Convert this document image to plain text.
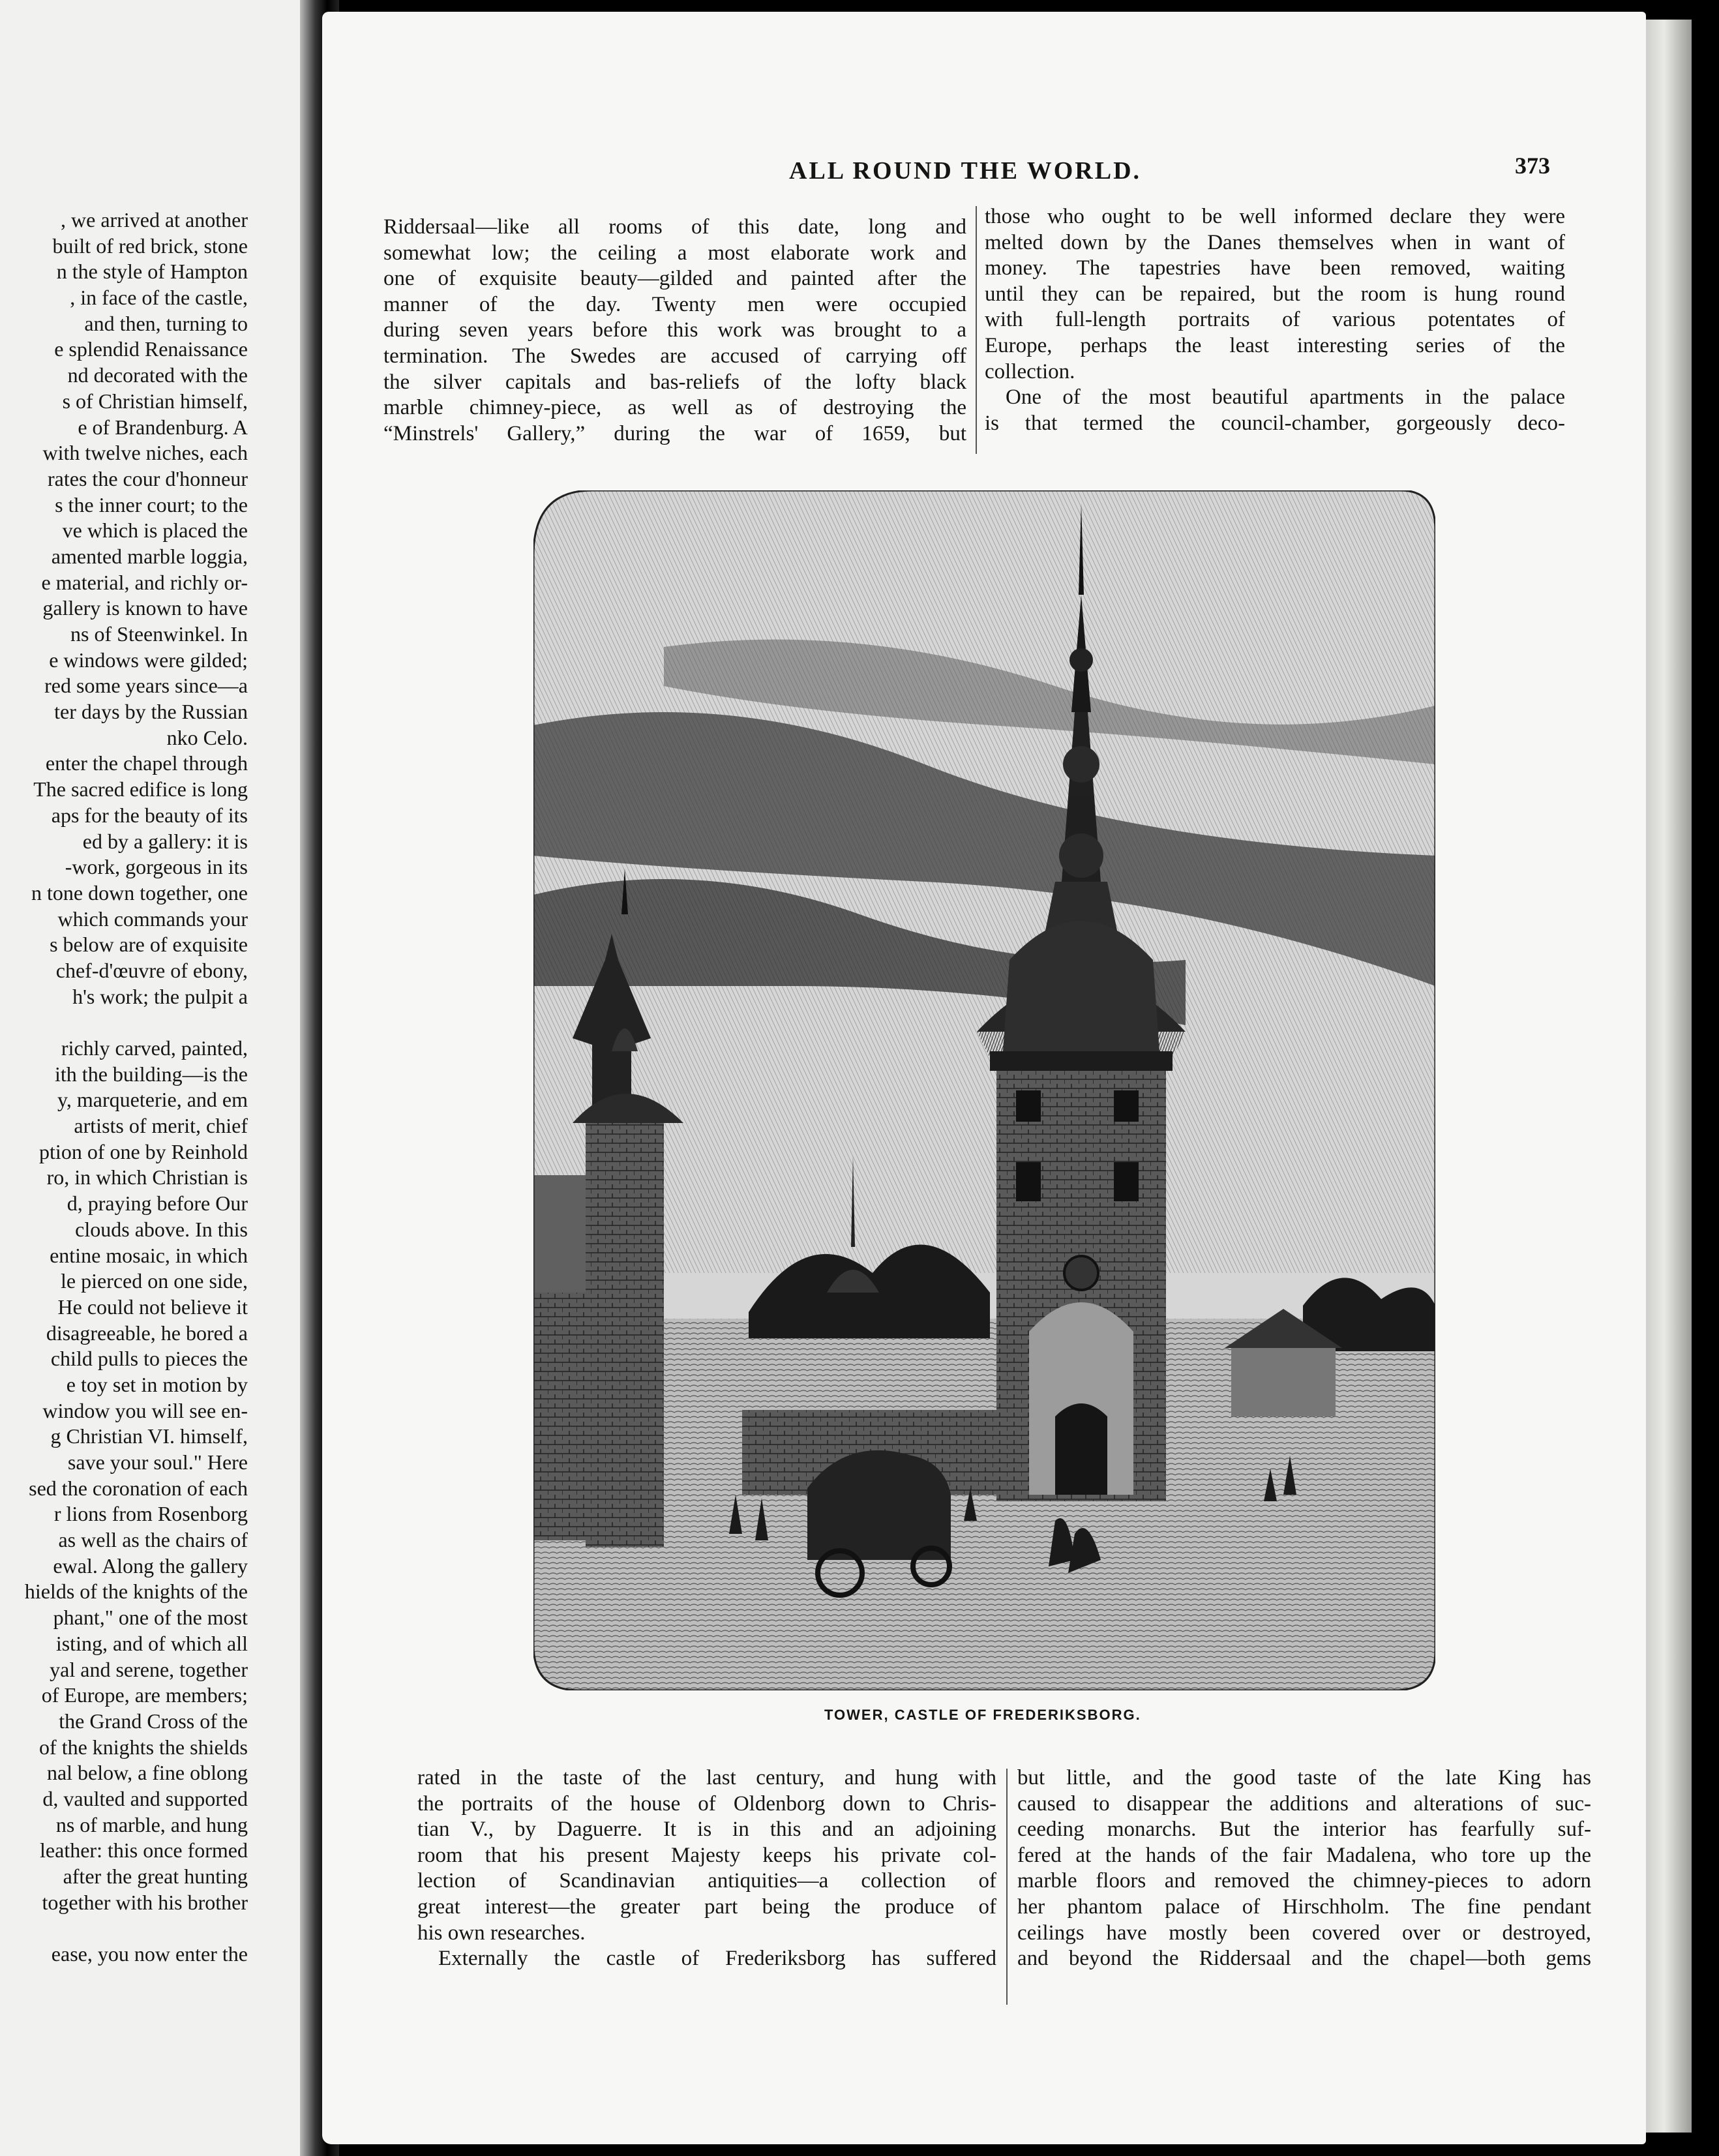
, we arrived at another
built of red brick, stone
n the style of Hampton
, in face of the castle,
and then, turning to
e splendid Renaissance
nd decorated with the
s of Christian himself,
e of Brandenburg. A
with twelve niches, each
rates the cour d'honneur
s the inner court; to the
ve which is placed the
amented marble loggia,
e material, and richly or-
gallery is known to have
ns of Steenwinkel. In
e windows were gilded;
red some years since—a
ter days by the Russian
nko Celo.
enter the chapel through
The sacred edifice is long
aps for the beauty of its
ed by a gallery: it is
-work, gorgeous in its
n tone down together, one
which commands your
s below are of exquisite
chef-d'œuvre of ebony,
h's work; the pulpit a
richly carved, painted,
ith the building—is the
y, marqueterie, and em
artists of merit, chief
ption of one by Reinhold
ro, in which Christian is
d, praying before Our
clouds above. In this
entine mosaic, in which
le pierced on one side,
He could not believe it
disagreeable, he bored a
child pulls to pieces the
e toy set in motion by
window you will see en-
g Christian VI. himself,
save your soul." Here
sed the coronation of each
r lions from Rosenborg
as well as the chairs of
ewal. Along the gallery
hields of the knights of the
phant," one of the most
isting, and of which all
yal and serene, together
of Europe, are members;
the Grand Cross of the
of the knights the shields
nal below, a fine oblong
d, vaulted and supported
ns of marble, and hung
leather: this once formed
after the great hunting
together with his brother
ease, you now enter the
ALL ROUND THE WORLD.	373
Riddersaal—like all rooms of this date, long and
somewhat low; the ceiling a most elaborate work and
one of exquisite beauty—gilded and painted after the
manner of the day. Twenty men were occupied
during seven years before this work was brought to a
termination. The Swedes are accused of carrying off
the silver capitals and bas-reliefs of the lofty black
marble chimney-piece, as well as of destroying the
“Minstrels' Gallery,” during the war of 1659, but
those who ought to be well informed declare they were
melted down by the Danes themselves when in want of
money. The tapestries have been removed, waiting
until they can be repaired, but the room is hung round
with full-length portraits of various potentates of
Europe, perhaps the least interesting series of the
collection.
One of the most beautiful apartments in the palace
is that termed the council-chamber, gorgeously deco-
TOWER, CASTLE OF FREDERIKSBORG.
rated in the taste of the last century, and hung with
the portraits of the house of Oldenborg down to Chris-
tian V., by Daguerre. It is in this and an adjoining
room that his present Majesty keeps his private col-
lection of Scandinavian antiquities—a collection of
great interest—the greater part being the produce of
his own researches.
Externally the castle of Frederiksborg has suffered
but little, and the good taste of the late King has
caused to disappear the additions and alterations of suc-
ceeding monarchs. But the interior has fearfully suf-
fered at the hands of the fair Madalena, who tore up the
marble floors and removed the chimney-pieces to adorn
her phantom palace of Hirschholm. The fine pendant
ceilings have mostly been covered over or destroyed,
and beyond the Riddersaal and the chapel—both gems
